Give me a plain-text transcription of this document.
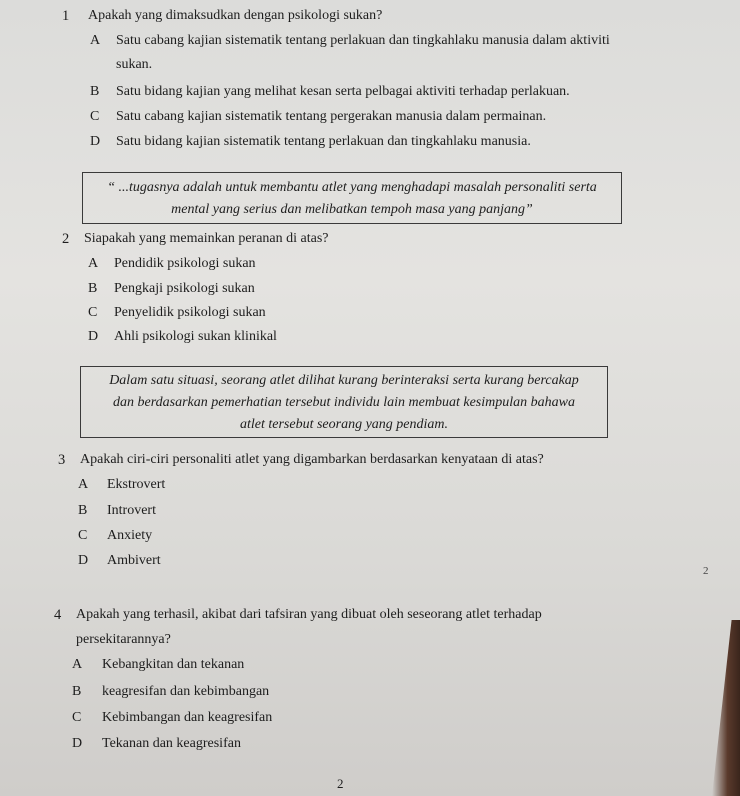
1 Apakah yang dimaksudkan dengan psikologi sukan?
A Satu cabang kajian sistematik tentang perlakuan dan tingkahlaku manusia dalam aktiviti
sukan.
B Satu bidang kajian yang melihat kesan serta pelbagai aktiviti terhadap perlakuan.
C Satu cabang kajian sistematik tentang pergerakan manusia dalam permainan.
D Satu bidang kajian sistematik tentang perlakuan dan tingkahlaku manusia.
“ ...tugasnya adalah untuk membantu atlet yang menghadapi masalah personaliti serta
mental yang serius dan melibatkan tempoh masa yang panjang”
2 Siapakah yang memainkan peranan di atas?
A Pendidik psikologi sukan
B Pengkaji psikologi sukan
C Penyelidik psikologi sukan
D Ahli psikologi sukan klinikal
Dalam satu situasi, seorang atlet dilihat kurang berinteraksi serta kurang bercakap
dan berdasarkan pemerhatian tersebut individu lain membuat kesimpulan bahawa
atlet tersebut seorang yang pendiam.
3 Apakah ciri-ciri personaliti atlet yang digambarkan berdasarkan kenyataan di atas?
A Ekstrovert
B Introvert
C Anxiety
D Ambivert
2
4 Apakah yang terhasil, akibat dari tafsiran yang dibuat oleh seseorang atlet terhadap
persekitarannya?
A Kebangkitan dan tekanan
B keagresifan dan kebimbangan
C Kebimbangan dan keagresifan
D Tekanan dan keagresifan
2
